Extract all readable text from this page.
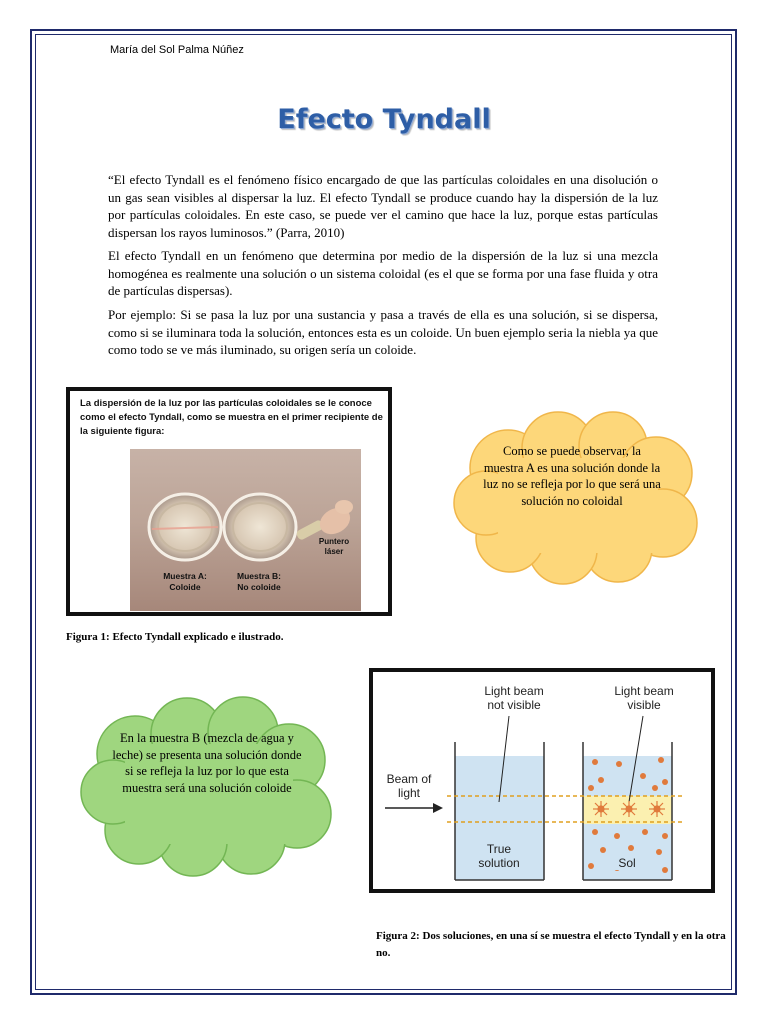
María del Sol Palma Núñez
Efecto Tyndall

“El efecto Tyndall es el fenómeno físico encargado de que las partículas coloidales en una disolución o un gas sean visibles al dispersar la luz. El efecto Tyndall se produce cuando hay la dispersión de la luz por partículas coloidales. En este caso, se puede ver el camino que hace la luz, porque estas partículas dispersan los rayos luminosos.” (Parra, 2010)

El efecto Tyndall en un fenómeno que determina por medio de la dispersión de la luz si una mezcla homogénea es realmente una solución o un sistema coloidal (es el que se forma por una fase fluida y otra de partículas dispersas).

Por ejemplo: Si se pasa la luz por una sustancia y pasa a través de ella es una solución, si se dispersa, como si se iluminara toda la solución, entonces esta es un coloide. Un buen ejemplo seria la niebla ya que como todo se ve más iluminado, su origen sería un coloide.

La dispersión de la luz por las partículas coloidales se le conoce como el efecto Tyndall, como se muestra en el primer recipiente de la siguiente figura:
Muestra A:
Coloide
Muestra B:
No coloide
Puntero
láser
Figura 1: Efecto Tyndall explicado e ilustrado.
Como se puede observar, la muestra A es una solución donde la luz no se refleja por lo que será una solución no coloidal
En la muestra B (mezcla de agua y leche) se presenta una solución donde si se refleja la luz por lo que esta muestra será una solución coloide
Light beam
not visible
Light beam
visible
Beam of
light
True
solution	Sol
Figura 2: Dos soluciones, en una sí se muestra el efecto Tyndall y en la otra no.
